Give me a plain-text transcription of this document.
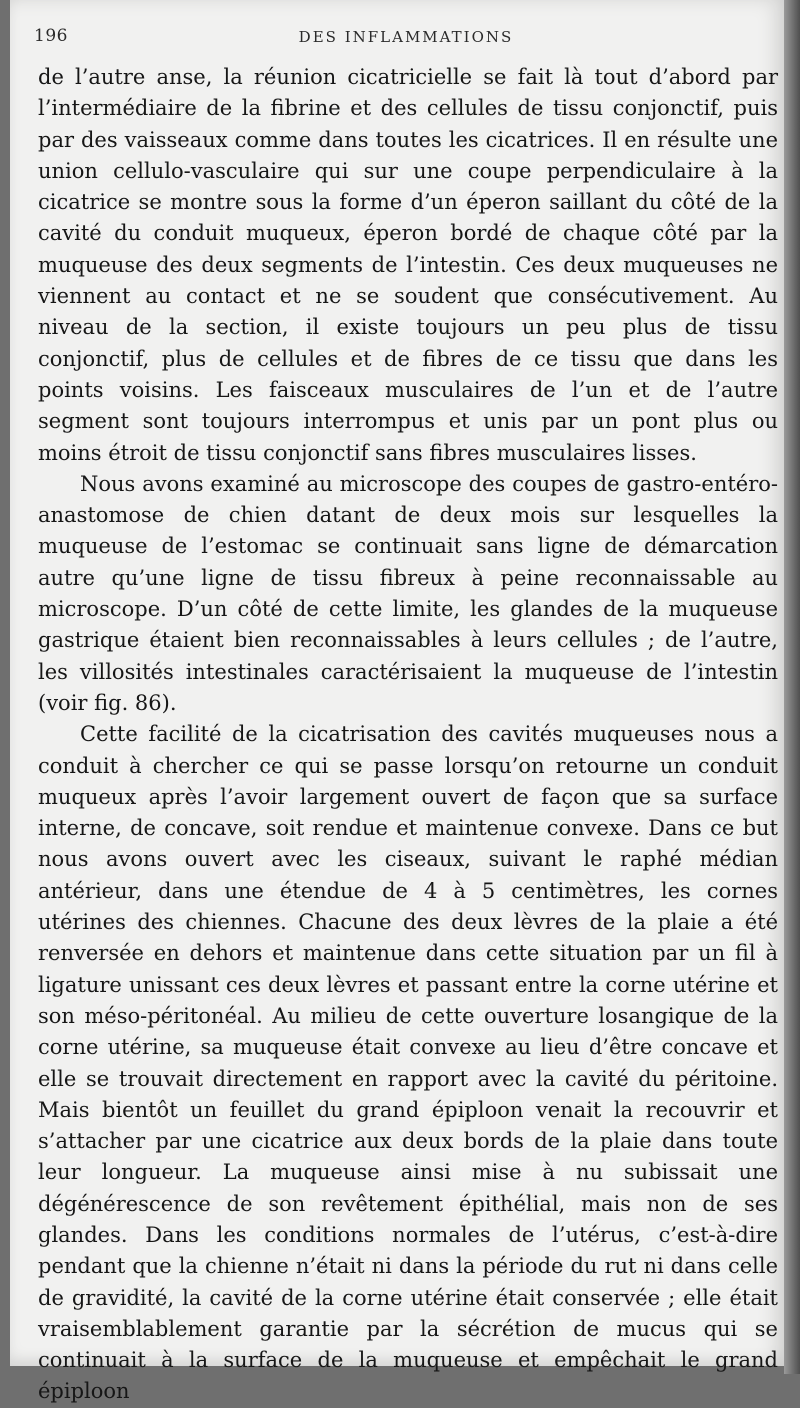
196	DES INFLAMMATIONS

de l’autre anse, la réunion cicatricielle se fait là tout d’abord par l’intermédiaire de la fibrine et des cellules de tissu conjonctif, puis par des vaisseaux comme dans toutes les cicatrices. Il en résulte une union cellulo-vasculaire qui sur une coupe perpendiculaire à la cicatrice se montre sous la forme d’un éperon saillant du côté de la cavité du conduit muqueux, éperon bordé de chaque côté par la muqueuse des deux segments de l’intestin. Ces deux muqueuses ne viennent au contact et ne se soudent que consécutivement. Au niveau de la section, il existe toujours un peu plus de tissu conjonctif, plus de cellules et de fibres de ce tissu que dans les points voisins. Les faisceaux musculaires de l’un et de l’autre segment sont toujours interrompus et unis par un pont plus ou moins étroit de tissu conjonctif sans fibres musculaires lisses.

Nous avons examiné au microscope des coupes de gastro-entéro-anastomose de chien datant de deux mois sur lesquelles la muqueuse de l’estomac se continuait sans ligne de démarcation autre qu’une ligne de tissu fibreux à peine reconnaissable au microscope. D’un côté de cette limite, les glandes de la muqueuse gastrique étaient bien reconnaissables à leurs cellules ; de l’autre, les villosités intestinales caractérisaient la muqueuse de l’intestin (voir fig. 86).

Cette facilité de la cicatrisation des cavités muqueuses nous a conduit à chercher ce qui se passe lorsqu’on retourne un conduit muqueux après l’avoir largement ouvert de façon que sa surface interne, de concave, soit rendue et maintenue convexe. Dans ce but nous avons ouvert avec les ciseaux, suivant le raphé médian antérieur, dans une étendue de 4 à 5 centimètres, les cornes utérines des chiennes. Chacune des deux lèvres de la plaie a été renversée en dehors et maintenue dans cette situation par un fil à ligature unissant ces deux lèvres et passant entre la corne utérine et son méso-péritonéal. Au milieu de cette ouverture losangique de la corne utérine, sa muqueuse était convexe au lieu d’être concave et elle se trouvait directement en rapport avec la cavité du péritoine. Mais bientôt un feuillet du grand épiploon venait la recouvrir et s’attacher par une cicatrice aux deux bords de la plaie dans toute leur longueur. La muqueuse ainsi mise à nu subissait une dégénérescence de son revêtement épithélial, mais non de ses glandes. Dans les conditions normales de l’utérus, c’est-à-dire pendant que la chienne n’était ni dans la période du rut ni dans celle de gravidité, la cavité de la corne utérine était conservée ; elle était vraisemblablement garantie par la sécrétion de mucus qui se continuait à la surface de la muqueuse et empêchait le grand épiploon
